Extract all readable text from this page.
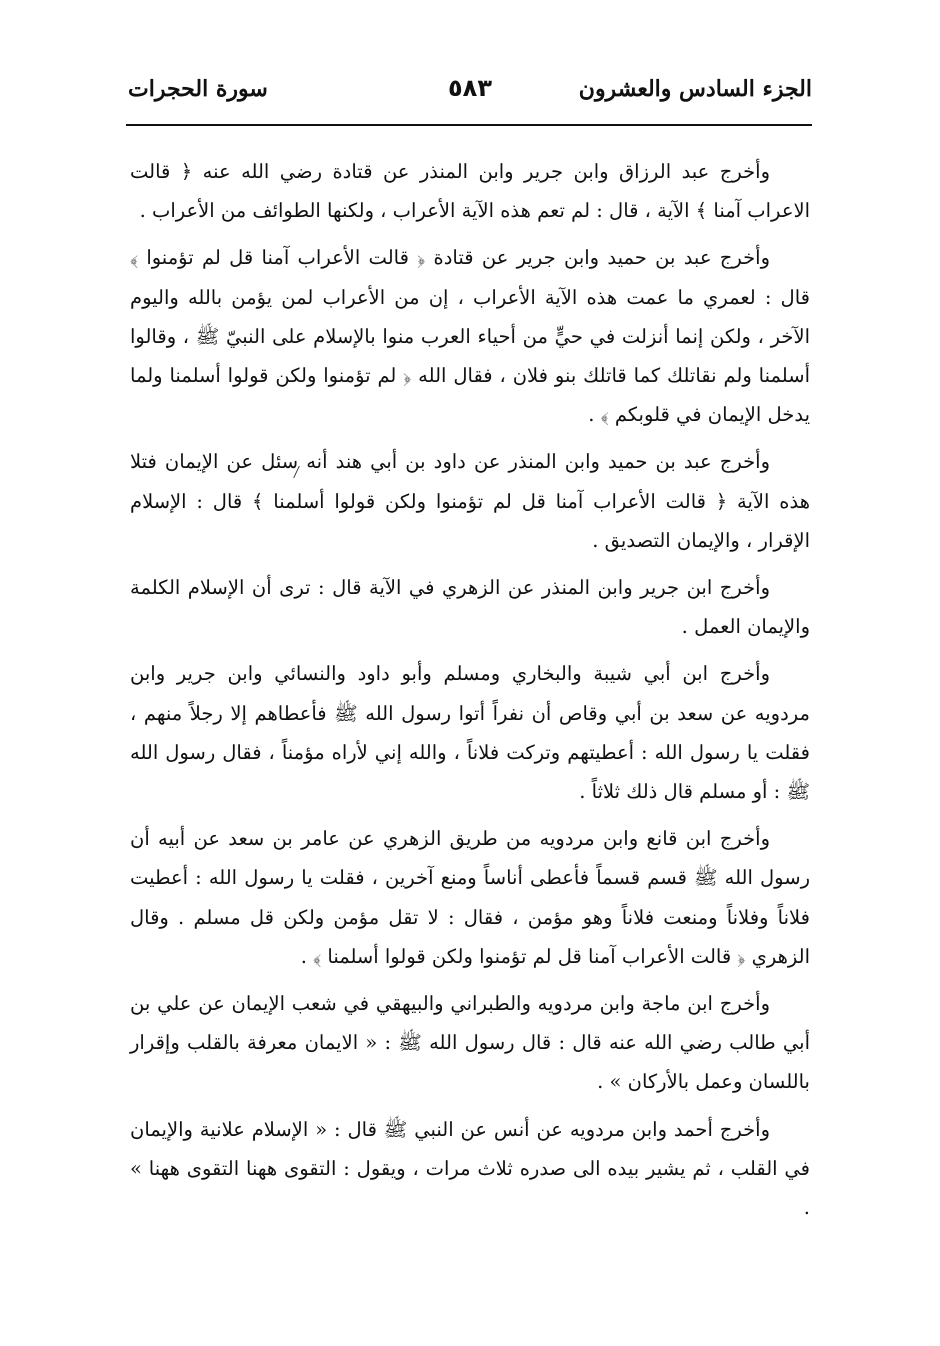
الجزء السادس والعشرون
٥٨٣
سورة الحجرات

وأخرج عبد الرزاق وابن جرير وابن المنذر عن قتادة رضي الله عنه ﴿ قالت الاعراب آمنا ﴾ الآية ، قال : لم تعم هذه الآية الأعراب ، ولكنها الطوائف من الأعراب .

وأخرج عبد بن حميد وابن جرير عن قتادة ﴿ قالت الأعراب آمنا قل لم تؤمنوا ﴾ قال : لعمري ما عمت هذه الآية الأعراب ، إن من الأعراب لمن يؤمن بالله واليوم الآخر ، ولكن إنما أنزلت في حيٍّ من أحياء العرب منوا بالإسلام على النبيّ ﷺ ، وقالوا أسلمنا ولم نقاتلك كما قاتلك بنو فلان ، فقال الله ﴿ لم تؤمنوا ولكن قولوا أسلمنا ولما يدخل الإيمان في قلوبكم ﴾ .

وأخرج عبد بن حميد وابن المنذر عن داود بن أبي هند أنه سئل عن الإيمان فتلا هذه الآية ﴿ قالت الأعراب آمنا قل لم تؤمنوا ولكن قولوا أسلمنا ﴾ قال : الإسلام الإقرار ، والإيمان التصديق .

وأخرج ابن جرير وابن المنذر عن الزهري في الآية قال : ترى أن الإسلام الكلمة والإيمان العمل .

وأخرج ابن أبي شيبة والبخاري ومسلم وأبو داود والنسائي وابن جرير وابن مردويه عن سعد بن أبي وقاص أن نفراً أتوا رسول الله ﷺ فأعطاهم إلا رجلاً منهم ، فقلت يا رسول الله : أعطيتهم وتركت فلاناً ، والله إني لأراه مؤمناً ، فقال رسول الله ﷺ : أو مسلم قال ذلك ثلاثاً .

وأخرج ابن قانع وابن مردويه من طريق الزهري عن عامر بن سعد عن أبيه أن رسول الله ﷺ قسم قسماً فأعطى أناساً ومنع آخرين ، فقلت يا رسول الله : أعطيت فلاناً وفلاناً ومنعت فلاناً وهو مؤمن ، فقال : لا تقل مؤمن ولكن قل مسلم . وقال الزهري ﴿ قالت الأعراب آمنا قل لم تؤمنوا ولكن قولوا أسلمنا ﴾ .

وأخرج ابن ماجة وابن مردويه والطبراني والبيهقي في شعب الإيمان عن علي بن أبي طالب رضي الله عنه قال : قال رسول الله ﷺ : « الايمان معرفة بالقلب وإقرار باللسان وعمل بالأركان » .

وأخرج أحمد وابن مردويه عن أنس عن النبي ﷺ قال : « الإسلام علانية والإيمان في القلب ، ثم يشير بيده الى صدره ثلاث مرات ، ويقول : التقوى ههنا التقوى ههنا » .
